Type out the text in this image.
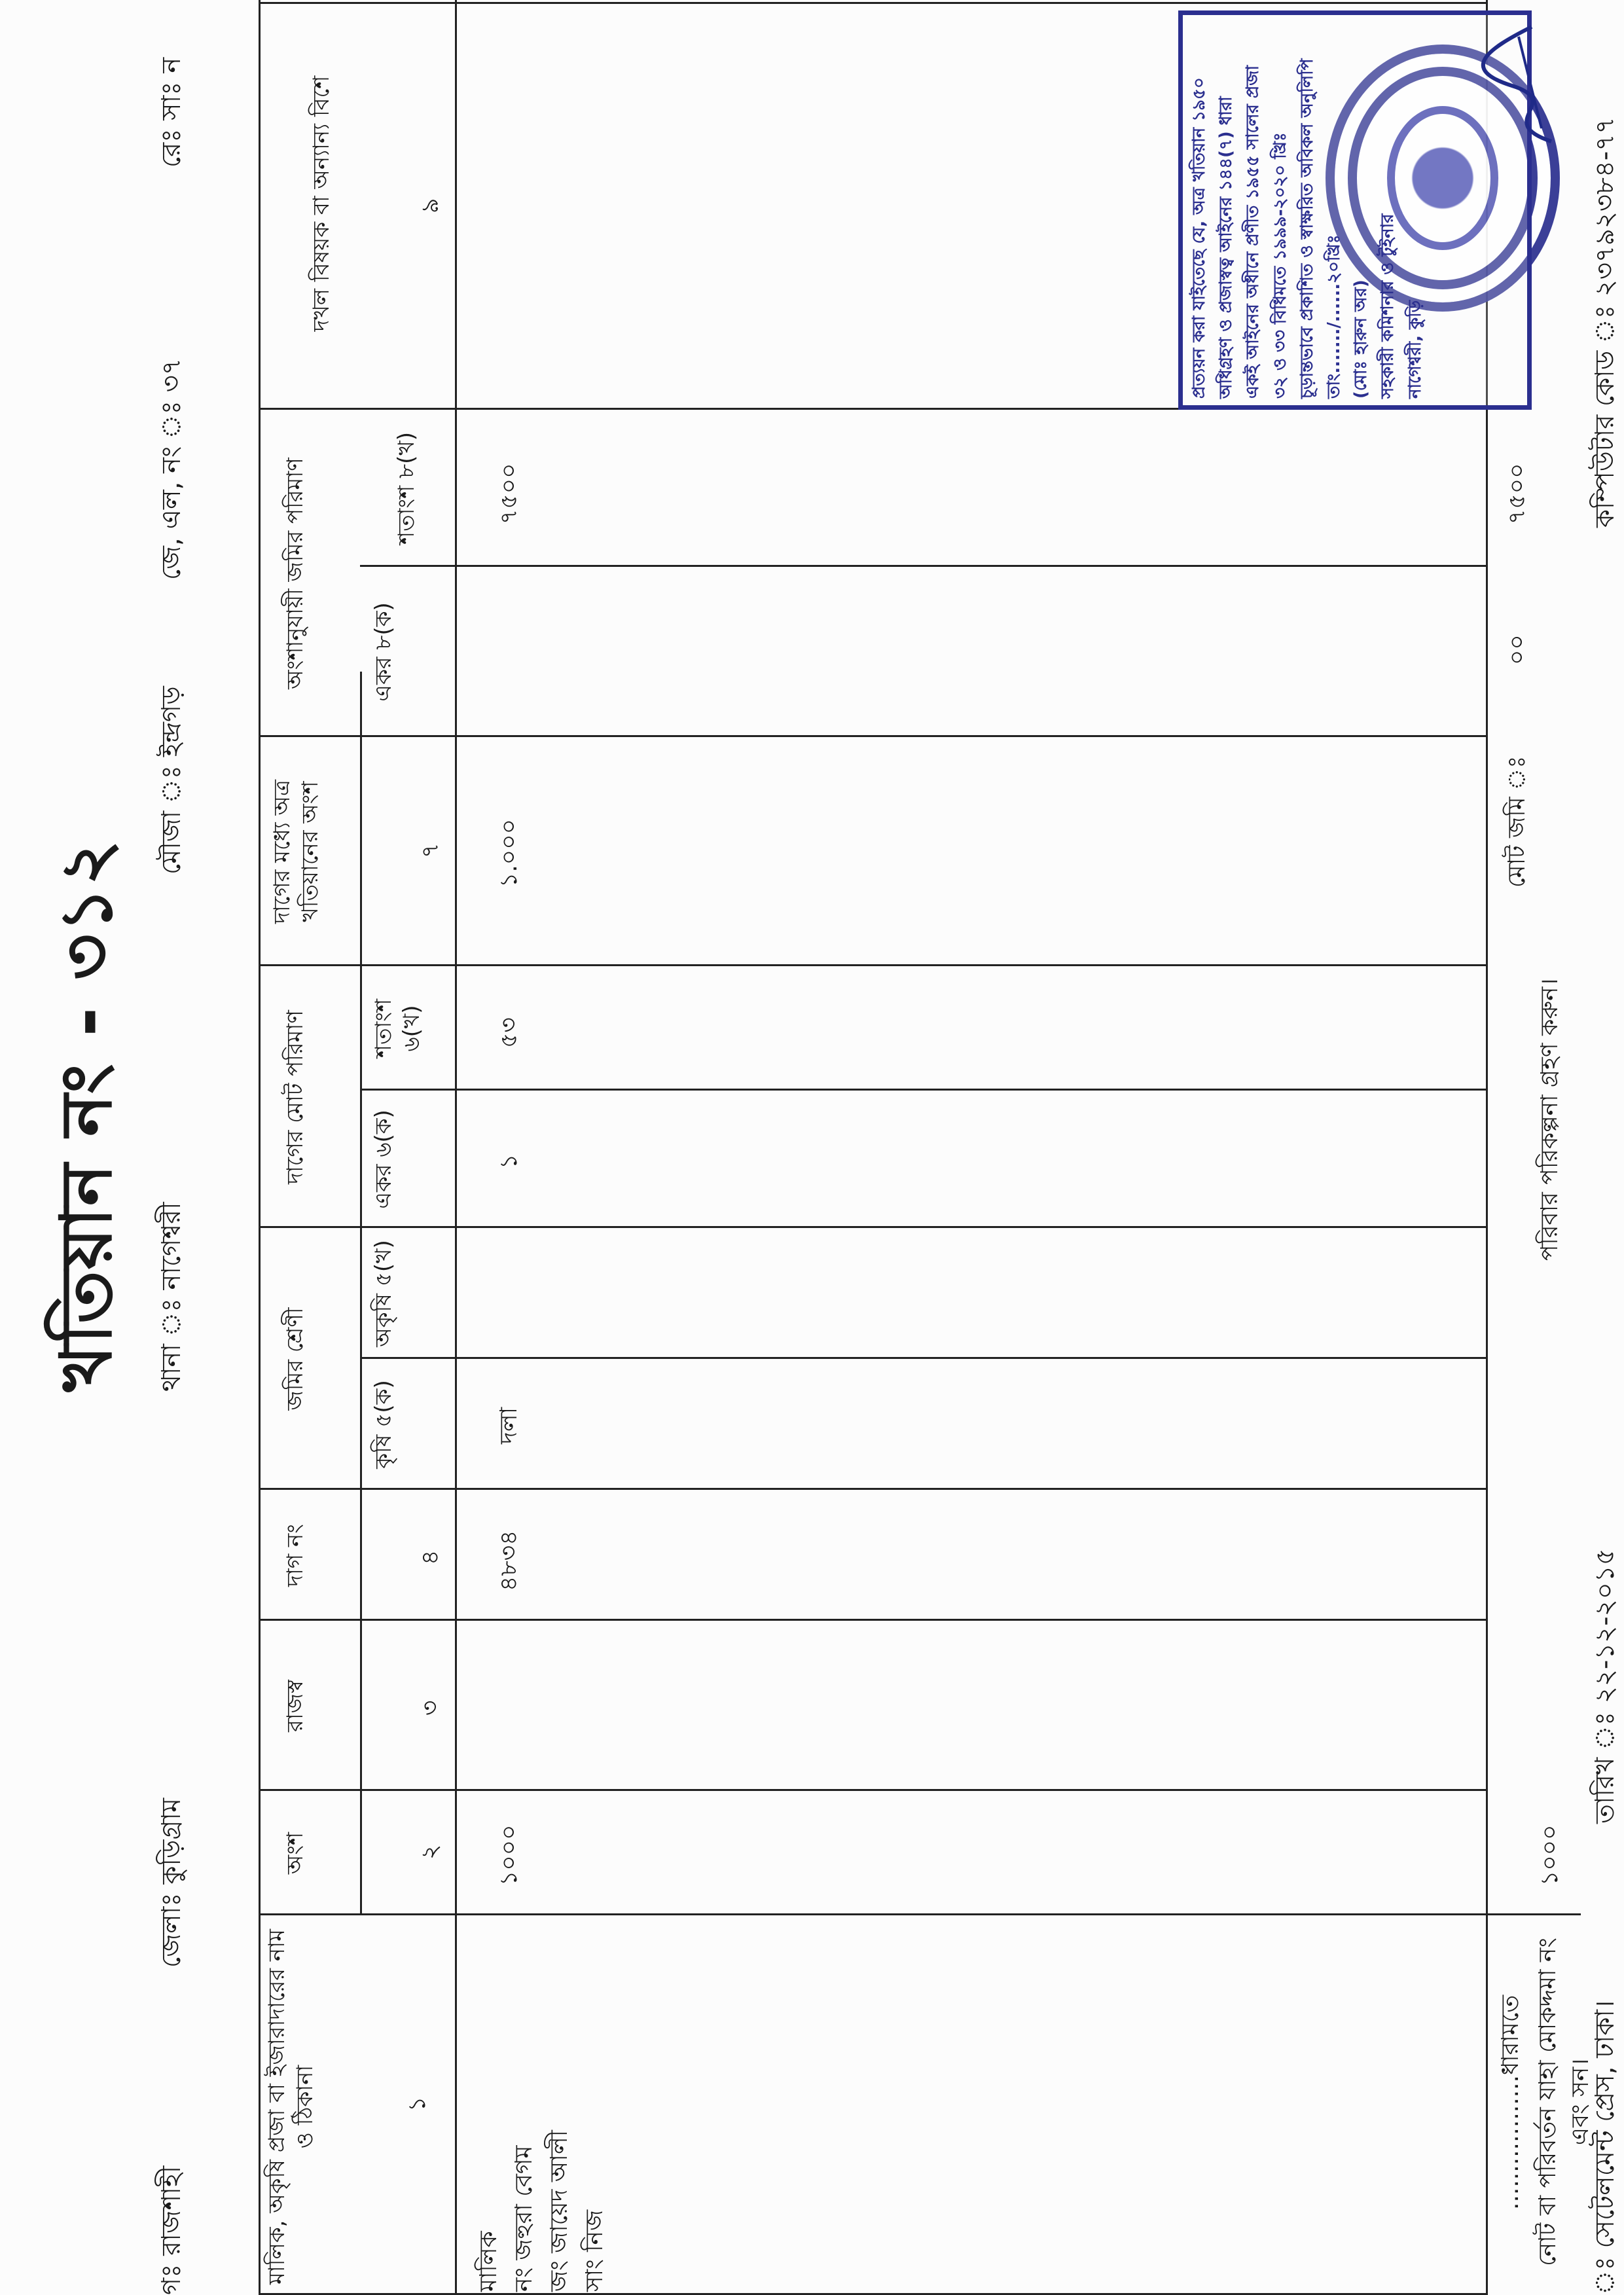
খতিয়ান নং - ৩১২
গঃ রাজশাহী
জেলাঃ কুড়িগ্রাম
থানা ঃ নাগেশ্বরী
মৌজা ঃ ইন্দ্রগড়
জে, এল, নং ঃ ৩৭
রেঃ সাঃ ন
মালিক, অকৃষি প্রজা বা ইজারাদারের নাম ও ঠিকানা
অংশ
রাজস্ব
দাগ নং
জমির শ্রেণী
কৃষি ৫(ক)
অকৃষি ৫(খ)
দাগের মোট পরিমাণ	একর ৬(ক)
শতাংশ ৬(খ)
দাগের মধ্যে অত্র খতিয়ানের অংশ
অংশানুযায়ী জমির পরিমাণ	একর ৮(ক)
শতাংশ ৮(খ)
দখল বিষয়ক বা অন্যান্য বিশে
১
২
৩
৪
৭
৯
মালিক নং জহুরা বেগম জং জায়েদ আলী সাং নিজ
১০০০
৪৮৩৪
দলা
১
৫৩
১.০০০
৭৫০০
..................ধারামতে নোট বা পরিবর্তন যাহা মোকদ্দমা নং এবং সন।
১০০০
পরিবার পরিকল্পনা গ্রহণ করুন।
মোট জমি ঃ
০০
৭৫০০
ঃ সেটেলমেন্ট প্রেস, ঢাকা।
তারিখ ঃ ২২-১২-২০১৫
কম্পিউটার কোড ঃ ২৩৭৯২৩৮৪-৭৭
প্রত্যয়ন করা যাইতেছে যে, অত্র খতিয়ান ১৯৫০ অধিগ্রহণ ও প্রজাস্বত্ব আইনের ১৪৪(৭) ধারা একই আইনের অধীনে প্রণীত ১৯৫৫ সালের প্রজা ৩২ ও ৩৩ বিধিমতে ১৯৯৯-২০২০ খ্রিঃ চূড়ান্তভাবে প্রকাশিত ও স্বাক্ষরিত অবিকল অনুলিপি তাং......./......২০খ্রিঃ (মোঃ হারুন অর) সহকারী কমিশনার ও টুইনার নাগেশ্বরী, কুড়ি
